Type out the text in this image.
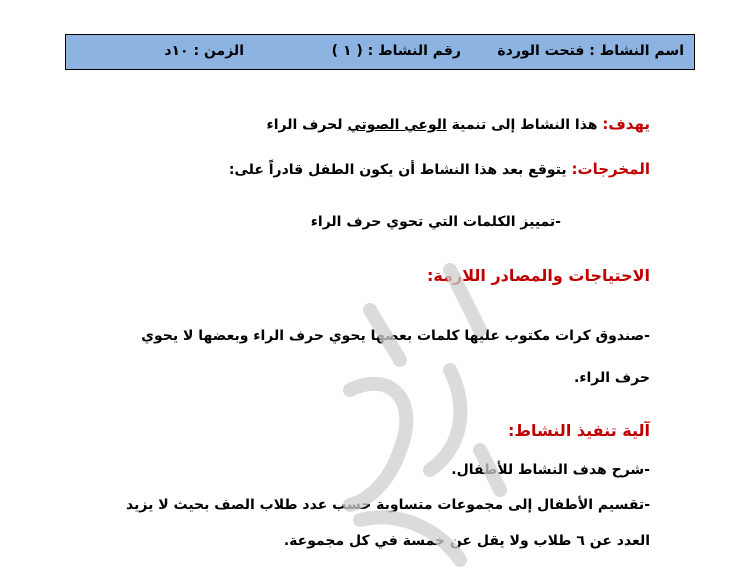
اسم النشاط : فتحت الوردة
رقم النشاط : ( ١ )
الزمن : ١٠د
يهدف: هذا النشاط إلى تنمية الوعي الصوتي لحرف الراء
المخرجات: يتوقع بعد هذا النشاط أن يكون الطفل قادراً على:
-تمييز الكلمات التي تحوي حرف الراء
الاحتياجات والمصادر اللازمة:
-صندوق كرات مكتوب عليها كلمات بعضها يحوي حرف الراء وبعضها لا يحوي
حرف الراء.
آلية تنفيذ النشاط:
-شرح هدف النشاط للأطفال.
-تقسيم الأطفال إلى مجموعات متساوية حسب عدد طلاب الصف بحيث لا يزيد
العدد عن ٦ طلاب ولا يقل عن خمسة في كل مجموعة.
